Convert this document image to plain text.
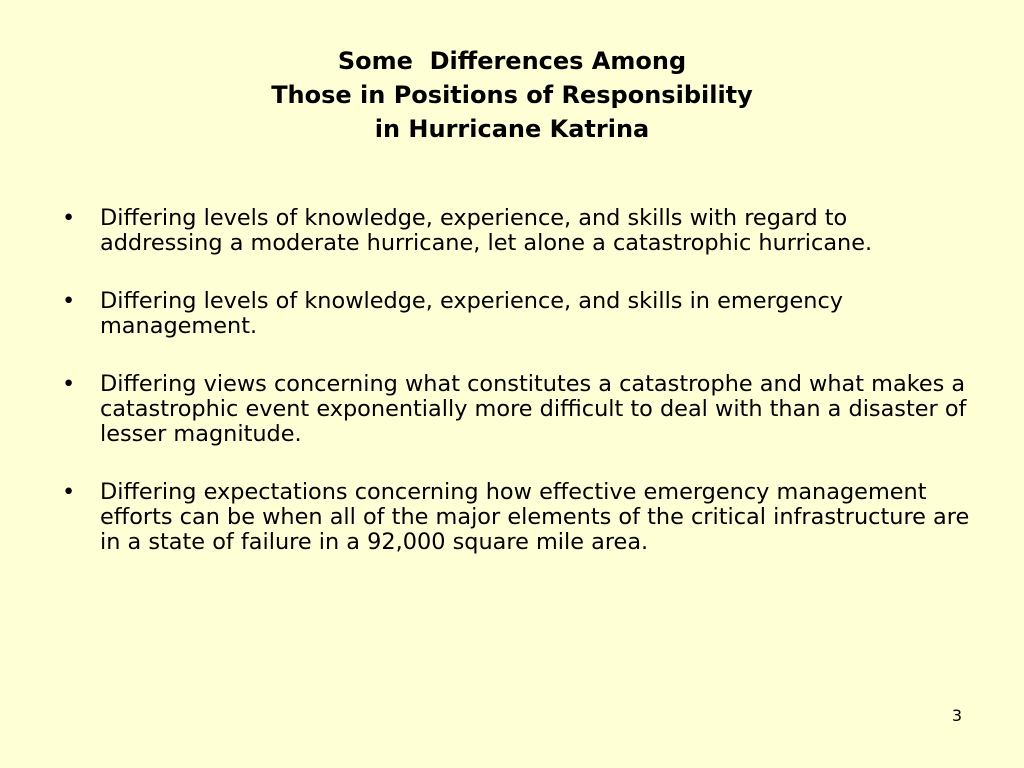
Some  Differences Among
Those in Positions of Responsibility
in Hurricane Katrina
• Differing levels of knowledge, experience, and skills with regard to addressing a moderate hurricane, let alone a catastrophic hurricane.
• Differing levels of knowledge, experience, and skills in emergency management.
• Differing views concerning what constitutes a catastrophe and what makes a catastrophic event exponentially more difficult to deal with than a disaster of lesser magnitude.
• Differing expectations concerning how effective emergency management efforts can be when all of the major elements of the critical infrastructure are in a state of failure in a 92,000 square mile area.
3
